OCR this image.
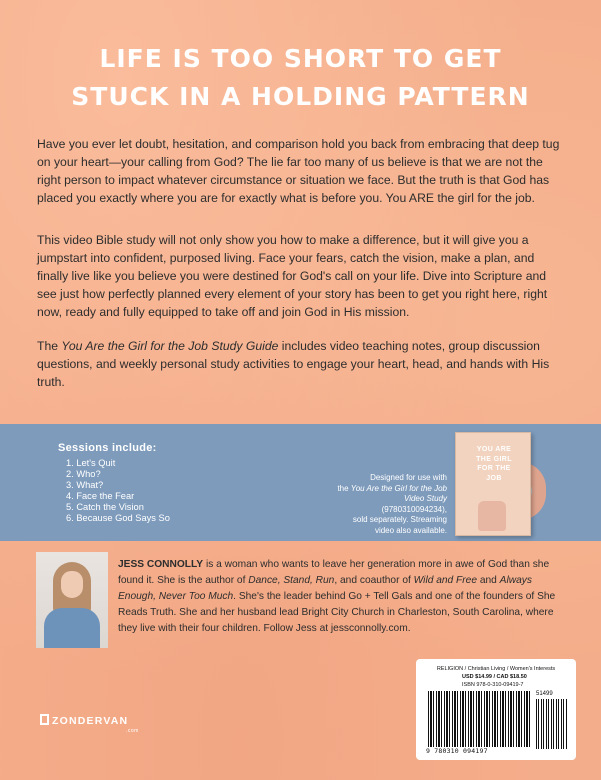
LIFE IS TOO SHORT TO GET
STUCK IN A HOLDING PATTERN

Have you ever let doubt, hesitation, and comparison hold you back from embracing that deep tug on your heart—your calling from God? The lie far too many of us believe is that we are not the right person to impact whatever circumstance or situation we face. But the truth is that God has placed you exactly where you are for exactly what is before you. You ARE the girl for the job.

This video Bible study will not only show you how to make a difference, but it will give you a jumpstart into confident, purposed living. Face your fears, catch the vision, make a plan, and finally live like you believe you were destined for God's call on your life. Dive into Scripture and see just how perfectly planned every element of your story has been to get you right here, right now, ready and fully equipped to take off and join God in His mission.

The You Are the Girl for the Job Study Guide includes video teaching notes, group discussion questions, and weekly personal study activities to engage your heart, head, and hands with His truth.

Sessions include:
1. Let's Quit
2. Who?
3. What?
4. Face the Fear
5. Catch the Vision
6. Because God Says So
Designed for use with
the You Are the Girl for the Job Video Study
(9780310094234),
sold separately. Streaming
video also available.
YOU ARE
THE GIRL
FOR THE
JOB

JESS CONNOLLY is a woman who wants to leave her generation more in awe of God than she found it. She is the author of Dance, Stand, Run, and coauthor of Wild and Free and Always Enough, Never Too Much. She's the leader behind Go + Tell Gals and one of the founders of She Reads Truth. She and her husband lead Bright City Church in Charleston, South Carolina, where they live with their four children. Follow Jess at jessconnolly.com.

ZONDERVAN
.com
RELIGION / Christian Living / Women's Interests
USD $14.99 / CAD $18.50
ISBN 978-0-310-09419-7
51499
9 780310 094197
